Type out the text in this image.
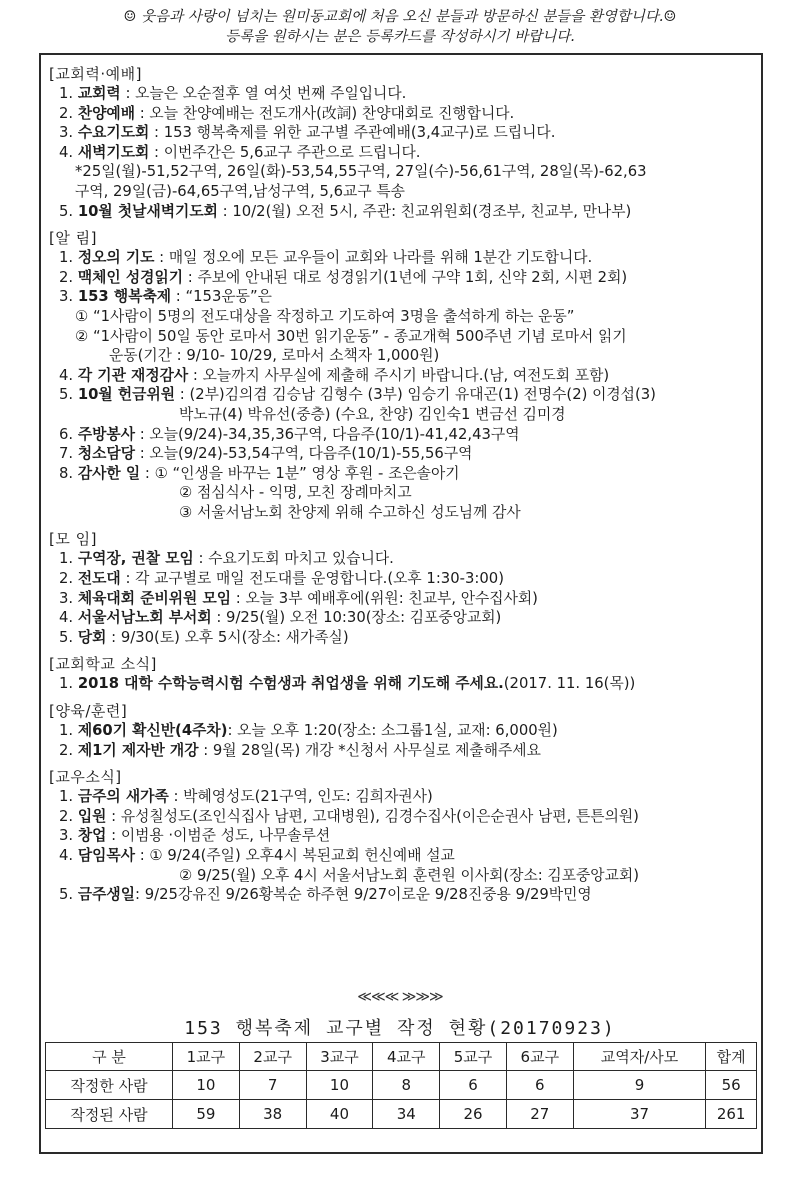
☺ 웃음과 사랑이 넘치는 원미동교회에 처음 오신 분들과 방문하신 분들을 환영합니다.☺
등록을 원하시는 분은 등록카드를 작성하시기 바랍니다.
[교회력·예배]
1. 교회력 : 오늘은 오순절후 열 여섯 번째 주일입니다.
2. 찬양예배 : 오늘 찬양예배는 전도개사(改詞) 찬양대회로 진행합니다.
3. 수요기도회 : 153 행복축제를 위한 교구별 주관예배(3,4교구)로 드립니다.
4. 새벽기도회 : 이번주간은 5,6교구 주관으로 드립니다.
*25일(월)-51,52구역, 26일(화)-53,54,55구역, 27일(수)-56,61구역, 28일(목)-62,63
구역, 29일(금)-64,65구역,남성구역, 5,6교구 특송
5. 10월 첫날새벽기도회 : 10/2(월) 오전 5시, 주관: 친교위원회(경조부, 친교부, 만나부)
[알 림]
1. 정오의 기도 : 매일 정오에 모든 교우들이 교회와 나라를 위해 1분간 기도합니다.
2. 맥체인 성경읽기 : 주보에 안내된 대로 성경읽기(1년에 구약 1회, 신약 2회, 시편 2회)
3. 153 행복축제 : “153운동”은
① “1사람이 5명의 전도대상을 작정하고 기도하여 3명을 출석하게 하는 운동”
② “1사람이 50일 동안 로마서 30번 읽기운동” - 종교개혁 500주년 기념 로마서 읽기
운동(기간 : 9/10- 10/29, 로마서 소책자 1,000원)
4. 각 기관 재정감사 : 오늘까지 사무실에 제출해 주시기 바랍니다.(남, 여전도회 포함)
5. 10월 헌금위원 : (2부)김의겸 김승남 김형수 (3부) 임승기 유대곤(1) 전명수(2) 이경섭(3)
박노규(4) 박유선(중층) (수요, 찬양) 김인숙1 변금선 김미경
6. 주방봉사 : 오늘(9/24)-34,35,36구역, 다음주(10/1)-41,42,43구역
7. 청소담당 : 오늘(9/24)-53,54구역, 다음주(10/1)-55,56구역
8. 감사한 일 : ① “인생을 바꾸는 1분” 영상 후원 - 조은솔아기
② 점심식사 - 익명, 모친 장례마치고
③ 서울서남노회 찬양제 위해 수고하신 성도님께 감사
[모 임]
1. 구역장, 권찰 모임 : 수요기도회 마치고 있습니다.
2. 전도대 : 각 교구별로 매일 전도대를 운영합니다.(오후 1:30-3:00)
3. 체육대회 준비위원 모임 : 오늘 3부 예배후에(위원: 친교부, 안수집사회)
4. 서울서남노회 부서회 : 9/25(월) 오전 10:30(장소: 김포중앙교회)
5. 당회 : 9/30(토) 오후 5시(장소: 새가족실)
[교회학교 소식]
1. 2018 대학 수학능력시험 수험생과 취업생을 위해 기도해 주세요.(2017. 11. 16(목))
[양육/훈련]
1. 제60기 확신반(4주차): 오늘 오후 1:20(장소: 소그룹1실, 교재: 6,000원)
2. 제1기 제자반 개강 : 9월 28일(목) 개강 *신청서 사무실로 제출해주세요
[교우소식]
1. 금주의 새가족 : 박혜영성도(21구역, 인도: 김희자권사)
2. 입원 : 유성칠성도(조인식집사 남편, 고대병원), 김경수집사(이은순권사 남편, 튼튼의원)
3. 창업 : 이범용 ·이범준 성도, 나무솔루션
4. 담임목사 : ① 9/24(주일) 오후4시 복된교회 헌신예배 설교
② 9/25(월) 오후 4시 서울서남노회 훈련원 이사회(장소: 김포중앙교회)
5. 금주생일: 9/25강유진 9/26황복순 하주현 9/27이로운 9/28진중용 9/29박민영
≪≪≪ ≫≫≫
153 행복축제 교구별 작정 현황(20170923)
구 분	1교구	2교구	3교구	4교구	5교구	6교구	교역자/사모	합계
작정한 사람	10	7	10	8	6	6	9	56
작정된 사람	59	38	40	34	26	27	37	261
